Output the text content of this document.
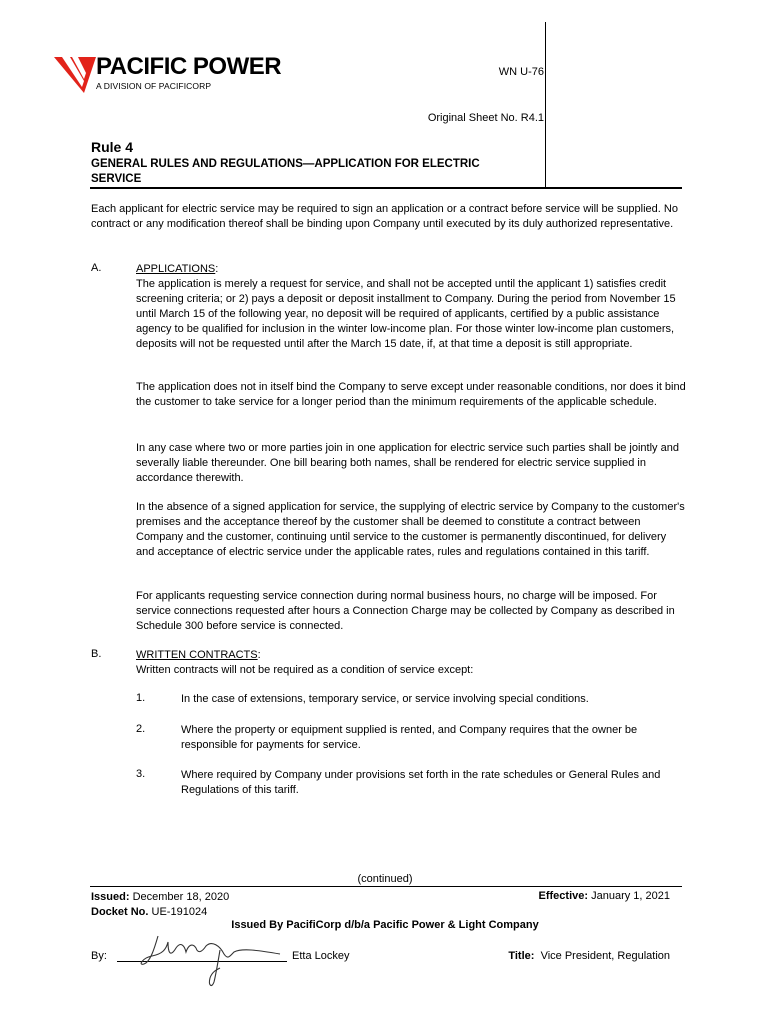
PACIFIC POWER
A DIVISION OF PACIFICORP
WN U-76
Original Sheet No. R4.1
Rule 4
GENERAL RULES AND REGULATIONS—APPLICATION FOR ELECTRIC SERVICE
Each applicant for electric service may be required to sign an application or a contract before service will be supplied. No contract or any modification thereof shall be binding upon Company until executed by its duly authorized representative.
A.	APPLICATIONS:

The application is merely a request for service, and shall not be accepted until the applicant 1) satisfies credit screening criteria; or 2) pays a deposit or deposit installment to Company. During the period from November 15 until March 15 of the following year, no deposit will be required of applicants, certified by a public assistance agency to be qualified for inclusion in the winter low-income plan. For those winter low-income plan customers, deposits will not be requested until after the March 15 date, if, at that time a deposit is still appropriate.

The application does not in itself bind the Company to serve except under reasonable conditions, nor does it bind the customer to take service for a longer period than the minimum requirements of the applicable schedule.
In any case where two or more parties join in one application for electric service such parties shall be jointly and severally liable thereunder. One bill bearing both names, shall be rendered for electric service supplied in accordance therewith.
In the absence of a signed application for service, the supplying of electric service by Company to the customer's premises and the acceptance thereof by the customer shall be deemed to constitute a contract between Company and the customer, continuing until service to the customer is permanently discontinued, for delivery and acceptance of electric service under the applicable rates, rules and regulations contained in this tariff.
For applicants requesting service connection during normal business hours, no charge will be imposed. For service connections requested after hours a Connection Charge may be collected by Company as described in Schedule 300 before service is connected.
B.	WRITTEN CONTRACTS:

Written contracts will not be required as a condition of service except:

1.	In the case of extensions, temporary service, or service involving special conditions.
2.	Where the property or equipment supplied is rented, and Company requires that the owner be responsible for payments for service.
3.	Where required by Company under provisions set forth in the rate schedules or General Rules and Regulations of this tariff.
(continued)
Issued: December 18, 2020
Docket No. UE-191024
Effective: January 1, 2021
Issued By PacifiCorp d/b/a Pacific Power & Light Company
By:	Etta Lockey	Title: Vice President, Regulation
